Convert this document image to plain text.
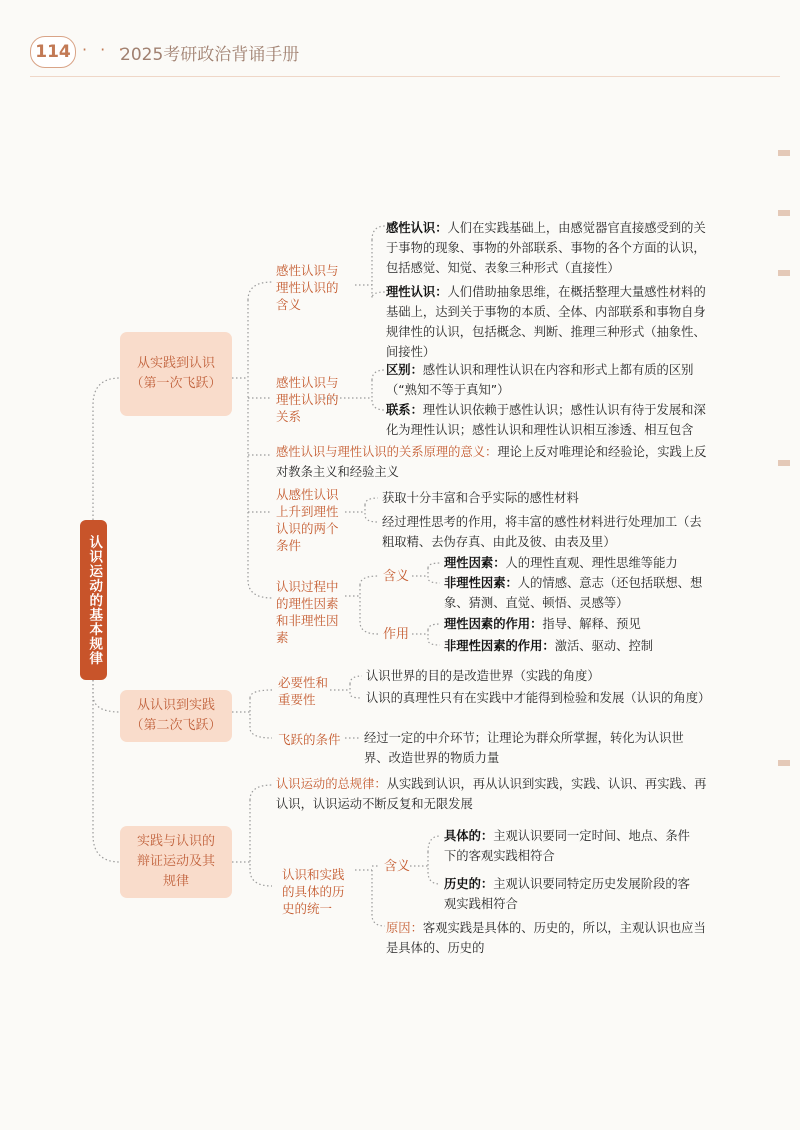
114 · · ·
2025考研政治背诵手册
认识运动的基本规律
从实践到认识
（第一次飞跃）
从认识到实践
（第二次飞跃）
实践与认识的
辩证运动及其
规律
感性认识与
理性认识的
含义
感性认识：人们在实践基础上，由感觉器官直接感受到的关于事物的现象、事物的外部联系、事物的各个方面的认识，包括感觉、知觉、表象三种形式（直接性）
理性认识：人们借助抽象思维，在概括整理大量感性材料的基础上，达到关于事物的本质、全体、内部联系和事物自身规律性的认识，包括概念、判断、推理三种形式（抽象性、间接性）
感性认识与
理性认识的
关系
区别：感性认识和理性认识在内容和形式上都有质的区别（“熟知不等于真知”）
联系：理性认识依赖于感性认识；感性认识有待于发展和深化为理性认识；感性认识和理性认识相互渗透、相互包含
感性认识与理性认识的关系原理的意义：理论上反对唯理论和经验论，实践上反对教条主义和经验主义
从感性认识
上升到理性
认识的两个
条件
获取十分丰富和合乎实际的感性材料
经过理性思考的作用，将丰富的感性材料进行处理加工（去粗取精、去伪存真、由此及彼、由表及里）
认识过程中
的理性因素
和非理性因
素
含义
作用
理性因素：人的理性直观、理性思维等能力
非理性因素：人的情感、意志（还包括联想、想象、猜测、直觉、顿悟、灵感等）
理性因素的作用：指导、解释、预见
非理性因素的作用：激活、驱动、控制
必要性和
重要性
认识世界的目的是改造世界（实践的角度）
认识的真理性只有在实践中才能得到检验和发展（认识的角度）
飞跃的条件 经过一定的中介环节；让理论为群众所掌握，转化为认识世界、改造世界的物质力量
认识运动的总规律：从实践到认识，再从认识到实践，实践、认识、再实践、再认识，认识运动不断反复和无限发展
认识和实践
的具体的历
史的统一
含义
具体的：主观认识要同一定时间、地点、条件下的客观实践相符合
历史的：主观认识要同特定历史发展阶段的客观实践相符合
原因：客观实践是具体的、历史的，所以，主观认识也应当是具体的、历史的
